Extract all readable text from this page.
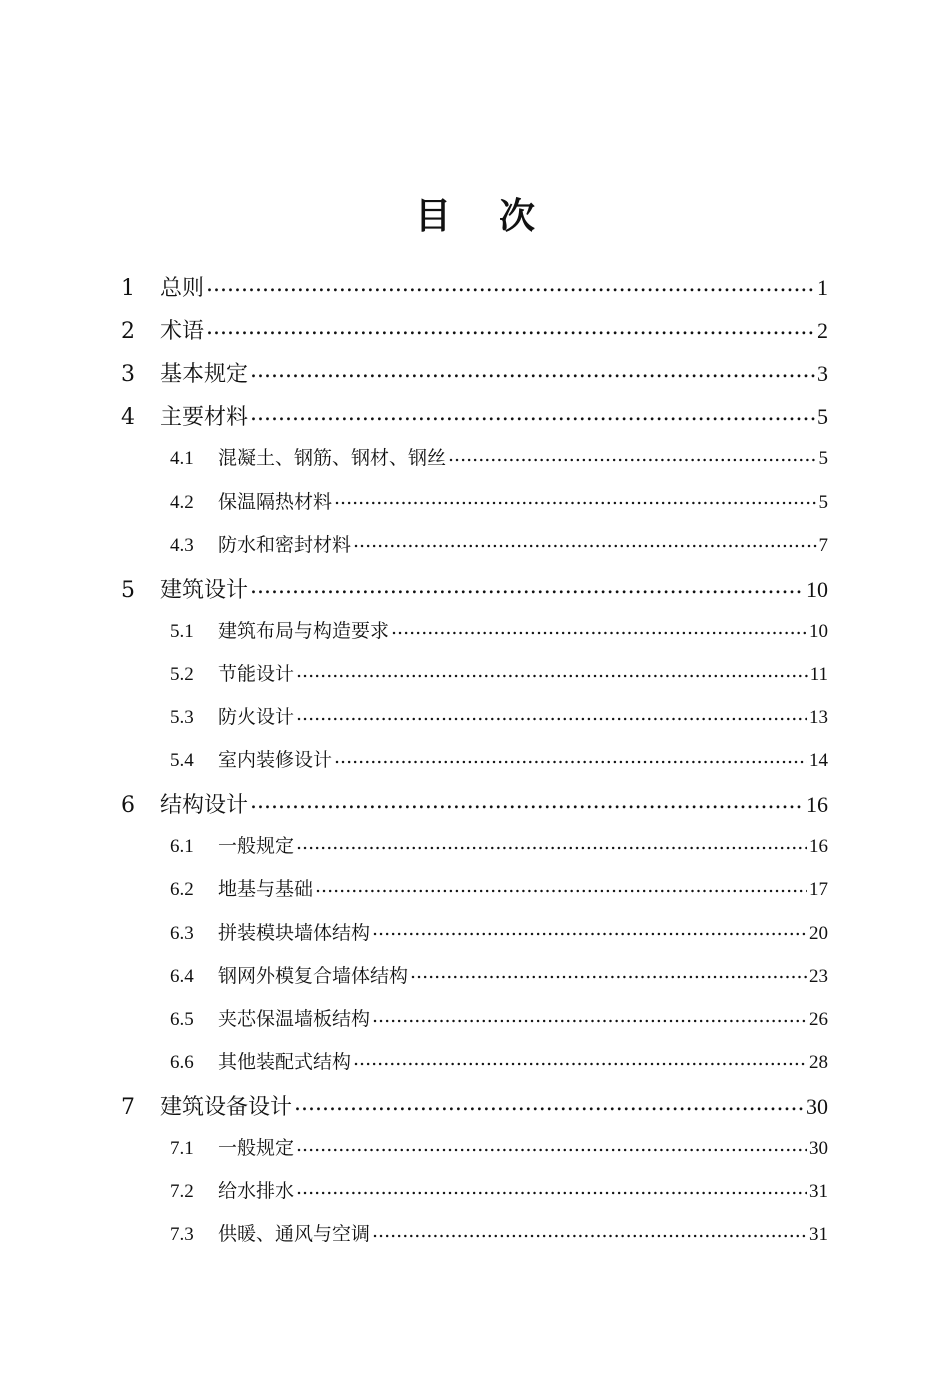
目 次
1	总则 .....	1
2	术语 .....	2
3	基本规定 .....	3
4	主要材料 .....	5
4.1	混凝土、钢筋、钢材、钢丝 .....	5
4.2	保温隔热材料 .....	5
4.3	防水和密封材料 .....	7
5	建筑设计 .....	10
5.1	建筑布局与构造要求 .....	10
5.2	节能设计 .....	11
5.3	防火设计 .....	13
5.4	室内装修设计 .....	14
6	结构设计 .....	16
6.1	一般规定 .....	16
6.2	地基与基础 .....	17
6.3	拼装模块墙体结构 .....	20
6.4	钢网外模复合墙体结构 .....	23
6.5	夹芯保温墙板结构 .....	26
6.6	其他装配式结构 .....	28
7	建筑设备设计 .....	30
7.1	一般规定 .....	30
7.2	给水排水 .....	31
7.3	供暖、通风与空调 .....	31
